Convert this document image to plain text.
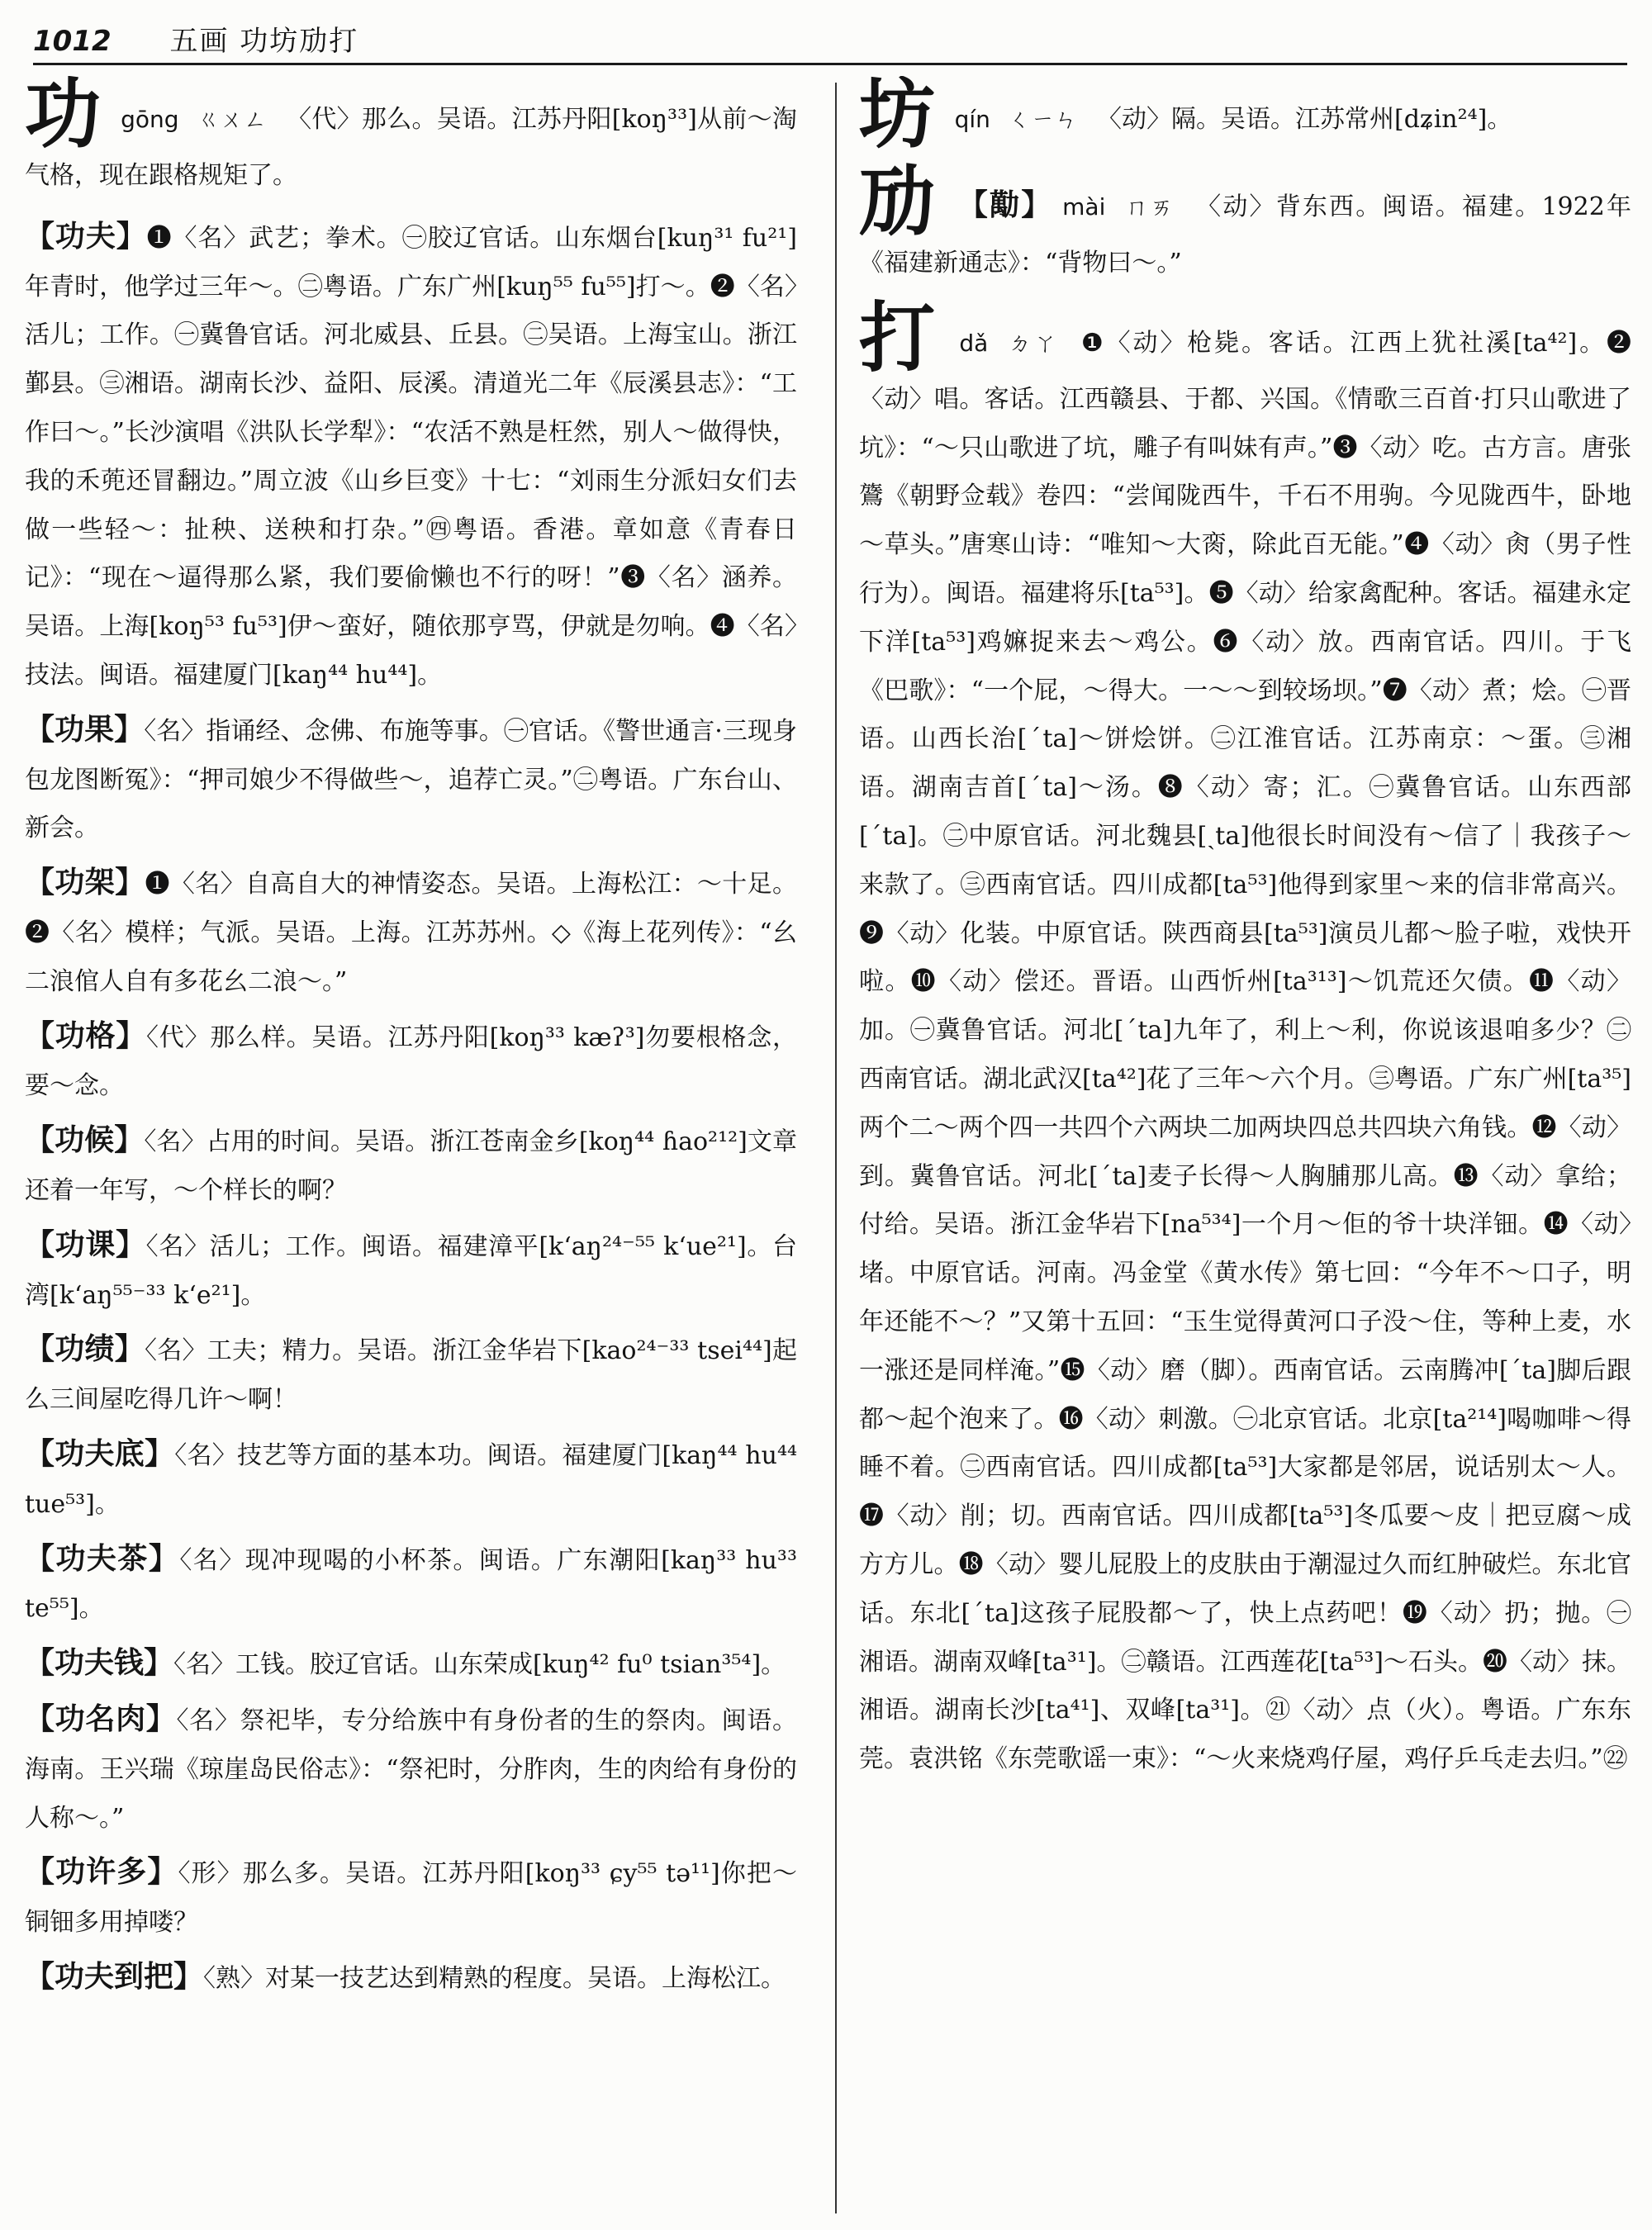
1012 五画 功坊劢打
功 gōng ㄍㄨㄥ 〈代〉那么。吴语。江苏丹阳[koŋ³³]从前～淘气格，现在跟格规矩了。
【功夫】❶〈名〉武艺；拳术。㊀胶辽官话。山东烟台[kuŋ³¹ fu²¹]年青时，他学过三年～。㊁粤语。广东广州[kuŋ⁵⁵ fu⁵⁵]打～。❷〈名〉活儿；工作。㊀冀鲁官话。河北威县、丘县。㊁吴语。上海宝山。浙江鄞县。㊂湘语。湖南长沙、益阳、辰溪。清道光二年《辰溪县志》：“工作曰～。”长沙演唱《洪队长学犁》：“农活不熟是枉然，别人～做得快，我的禾蔸还冒翻边。”周立波《山乡巨变》十七：“刘雨生分派妇女们去做一些轻～：扯秧、送秧和打杂。”㊃粤语。香港。章如意《青春日记》：“现在～逼得那么紧，我们要偷懒也不行的呀！”❸〈名〉涵养。吴语。上海[koŋ⁵³ fu⁵³]伊～蛮好，随依那亨骂，伊就是勿响。❹〈名〉技法。闽语。福建厦门[kaŋ⁴⁴ hu⁴⁴]。
【功果】〈名〉指诵经、念佛、布施等事。㊀官话。《警世通言·三现身包龙图断冤》：“押司娘少不得做些～，追荐亡灵。”㊁粤语。广东台山、新会。
【功架】❶〈名〉自高自大的神情姿态。吴语。上海松江：～十足。❷〈名〉模样；气派。吴语。上海。江苏苏州。◇《海上花列传》：“幺二浪倌人自有多花幺二浪～。”
【功格】〈代〉那么样。吴语。江苏丹阳[koŋ³³ kæʔ³]勿要根格念，要～念。
【功候】〈名〉占用的时间。吴语。浙江苍南金乡[koŋ⁴⁴ ɦao²¹²]文章还着一年写，～个样长的啊？
【功课】〈名〉活儿；工作。闽语。福建漳平[kʻaŋ²⁴⁻⁵⁵ kʻue²¹]。台湾[kʻaŋ⁵⁵⁻³³ kʻe²¹]。
【功绩】〈名〉工夫；精力。吴语。浙江金华岩下[kao²⁴⁻³³ tsei⁴⁴]起么三间屋吃得几许～啊！
【功夫底】〈名〉技艺等方面的基本功。闽语。福建厦门[kaŋ⁴⁴ hu⁴⁴ tue⁵³]。
【功夫茶】〈名〉现冲现喝的小杯茶。闽语。广东潮阳[kaŋ³³ hu³³ te⁵⁵]。
【功夫钱】〈名〉工钱。胶辽官话。山东荣成[kuŋ⁴² fu⁰ tsian³⁵⁴]。
【功名肉】〈名〉祭祀毕，专分给族中有身份者的生的祭肉。闽语。海南。王兴瑞《琼崖岛民俗志》：“祭祀时，分胙肉，生的肉给有身份的人称～。”
【功许多】〈形〉那么多。吴语。江苏丹阳[koŋ³³ ɕy⁵⁵ tə¹¹]你把～铜钿多用掉喽？
【功夫到把】〈熟〉对某一技艺达到精熟的程度。吴语。上海松江。
坊 qín ㄑㄧㄣ 〈动〉隔。吴语。江苏常州[dʑin²⁴]。
劢 【勱】 mài ㄇㄞ 〈动〉背东西。闽语。福建。1922年《福建新通志》：“背物曰～。”
打 dǎ ㄉㄚ ❶〈动〉枪毙。客话。江西上犹社溪[ta⁴²]。❷〈动〉唱。客话。江西赣县、于都、兴国。《情歌三百首·打只山歌进了坑》：“～只山歌进了坑，雕子有叫妹有声。”❸〈动〉吃。古方言。唐张鷟《朝野佥载》卷四：“尝闻陇西牛，千石不用驹。今见陇西牛，卧地～草头。”唐寒山诗：“唯知～大脔，除此百无能。”❹〈动〉肏（男子性行为）。闽语。福建将乐[ta⁵³]。❺〈动〉给家禽配种。客话。福建永定下洋[ta⁵³]鸡嫲捉来去～鸡公。❻〈动〉放。西南官话。四川。于飞《巴歌》：“一个屁，～得大。一～～到较场坝。”❼〈动〉煮；烩。㊀晋语。山西长治[ˊta]～饼烩饼。㊁江淮官话。江苏南京：～蛋。㊂湘语。湖南吉首[ˊta]～汤。❽〈动〉寄；汇。㊀冀鲁官话。山东西部[ˊta]。㊁中原官话。河北魏县[ˏta]他很长时间没有～信了｜我孩子～来款了。㊂西南官话。四川成都[ta⁵³]他得到家里～来的信非常高兴。❾〈动〉化装。中原官话。陕西商县[ta⁵³]演员儿都～脸子啦，戏快开啦。❿〈动〉偿还。晋语。山西忻州[ta³¹³]～饥荒还欠债。⓫〈动〉加。㊀冀鲁官话。河北[ˊta]九年了，利上～利，你说该退咱多少？㊁西南官话。湖北武汉[ta⁴²]花了三年～六个月。㊂粤语。广东广州[ta³⁵]两个二～两个四一共四个六两块二加两块四总共四块六角钱。⓬〈动〉到。冀鲁官话。河北[ˊta]麦子长得～人胸脯那儿高。⓭〈动〉拿给；付给。吴语。浙江金华岩下[na⁵³⁴]一个月～佢的爷十块洋钿。⓮〈动〉堵。中原官话。河南。冯金堂《黄水传》第七回：“今年不～口子，明年还能不～？”又第十五回：“玉生觉得黄河口子没～住，等种上麦，水一涨还是同样淹。”⓯〈动〉磨（脚）。西南官话。云南腾冲[ˊta]脚后跟都～起个泡来了。⓰〈动〉刺激。㊀北京官话。北京[ta²¹⁴]喝咖啡～得睡不着。㊁西南官话。四川成都[ta⁵³]大家都是邻居，说话别太～人。⓱〈动〉削；切。西南官话。四川成都[ta⁵³]冬瓜要～皮｜把豆腐～成方方儿。⓲〈动〉婴儿屁股上的皮肤由于潮湿过久而红肿破烂。东北官话。东北[ˊta]这孩子屁股都～了，快上点药吧！⓳〈动〉扔；抛。㊀湘语。湖南双峰[ta³¹]。㊁赣语。江西莲花[ta⁵³]～石头。⓴〈动〉抹。湘语。湖南长沙[ta⁴¹]、双峰[ta³¹]。㉑〈动〉点（火）。粤语。广东东莞。袁洪铭《东莞歌谣一束》：“～火来烧鸡仔屋，鸡仔乒乓走去归。”㉒
